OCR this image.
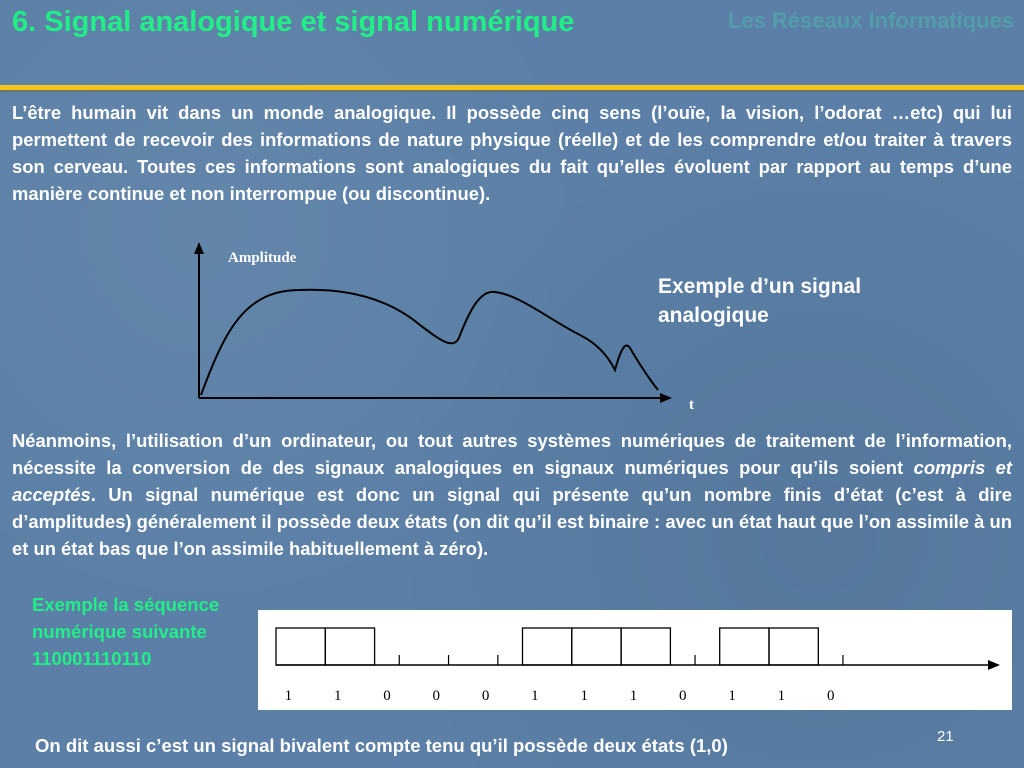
6. Signal analogique et signal numérique	Les Réseaux Informatiques

L’être humain vit dans un monde analogique. Il possède cinq sens (l’ouïe, la vision, l’odorat …etc) qui lui permettent de recevoir des informations de nature physique (réelle) et de les comprendre et/ou traiter à travers son cerveau. Toutes ces informations sont analogiques du fait qu’elles évoluent par rapport au temps d’une manière continue et non interrompue (ou discontinue).

Amplitude
t
Exemple d’un signal analogique

Néanmoins, l’utilisation d’un ordinateur, ou tout autres systèmes numériques de traitement de l’information, nécessite la conversion de des signaux analogiques en signaux numériques pour qu’ils soient compris et acceptés. Un signal numérique est donc un signal qui présente qu’un nombre finis d’état (c’est à dire d’amplitudes) généralement il possède deux états (on dit qu’il est binaire : avec un état haut que l’on assimile à un et un état bas que l’on assimile habituellement à zéro).

Exemple la séquence numérique suivante 110001110110
1	1	0	0	0	1	1	1	0	1	1	0
On dit aussi c’est un signal bivalent compte tenu qu’il possède deux états (1,0)	21
